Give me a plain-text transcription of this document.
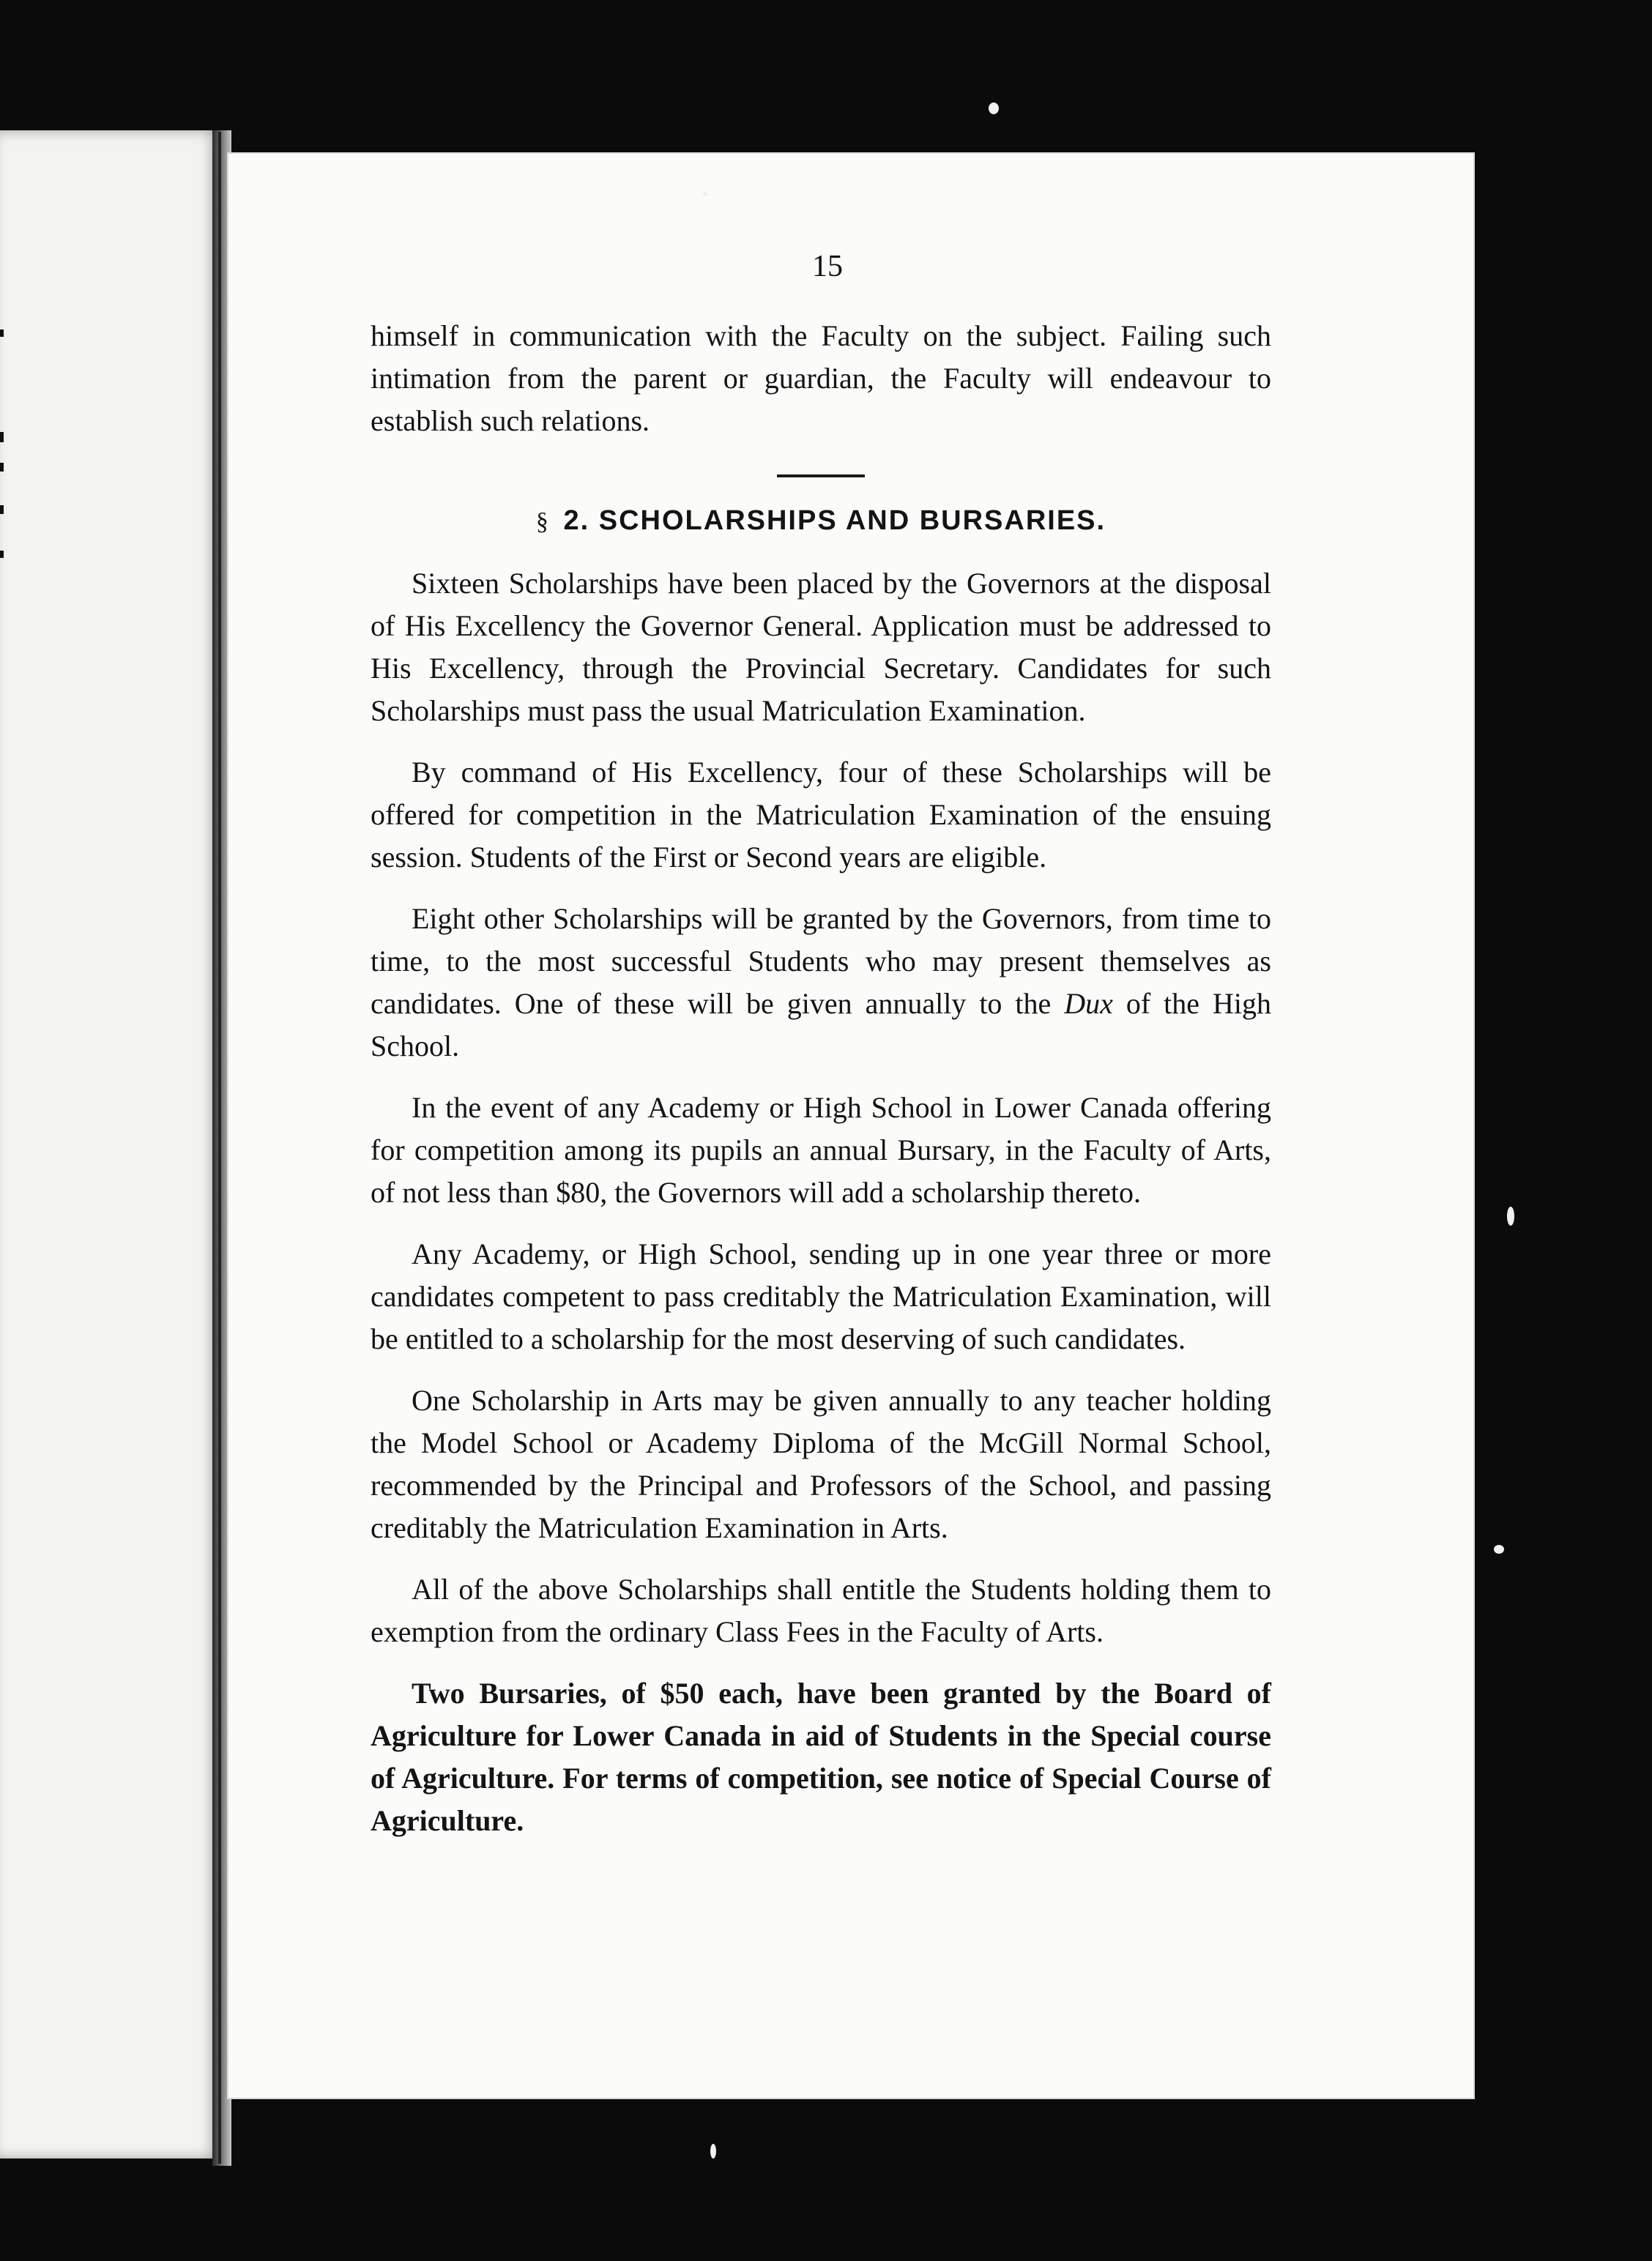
15

himself in communication with the Faculty on the subject. Failing such intimation from the parent or guardian, the Faculty will endeavour to establish such relations.

§ 2. SCHOLARSHIPS AND BURSARIES.

Sixteen Scholarships have been placed by the Governors at the disposal of His Excellency the Governor General. Application must be addressed to His Excellency, through the Provincial Secretary. Candidates for such Scholarships must pass the usual Matriculation Examination.

By command of His Excellency, four of these Scholarships will be offered for competition in the Matriculation Examination of the ensuing session. Students of the First or Second years are eligible.

Eight other Scholarships will be granted by the Governors, from time to time, to the most successful Students who may present themselves as candidates. One of these will be given annually to the Dux of the High School.

In the event of any Academy or High School in Lower Canada offering for competition among its pupils an annual Bursary, in the Faculty of Arts, of not less than $80, the Governors will add a scholarship thereto.

Any Academy, or High School, sending up in one year three or more candidates competent to pass creditably the Matriculation Examination, will be entitled to a scholarship for the most deserving of such candidates.

One Scholarship in Arts may be given annually to any teacher holding the Model School or Academy Diploma of the McGill Normal School, recommended by the Principal and Professors of the School, and passing creditably the Matriculation Examination in Arts.

All of the above Scholarships shall entitle the Students holding them to exemption from the ordinary Class Fees in the Faculty of Arts.

Two Bursaries, of $50 each, have been granted by the Board of Agriculture for Lower Canada in aid of Students in the Special course of Agriculture. For terms of competition, see notice of Special Course of Agriculture.
